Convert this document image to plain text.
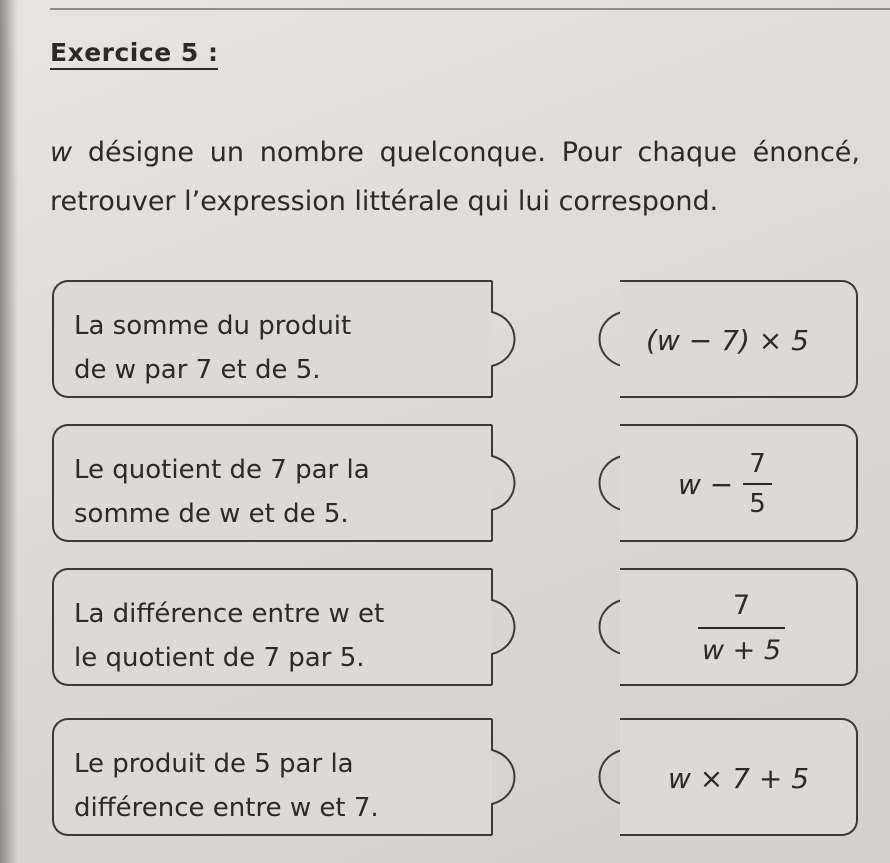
Exercice 5 :
w désigne un nombre quelconque. Pour chaque énoncé, retrouver l’expression littérale qui lui correspond.
La somme du produit
de w par 7 et de 5.
(w − 7) × 5
Le quotient de 7 par la
somme de w et de 5.
$w - \frac{7}{5}$
La différence entre w et
le quotient de 7 par 5.	$\frac{7}{w + 5}$
Le produit de 5 par la
différence entre w et 7.
w × 7 + 5
